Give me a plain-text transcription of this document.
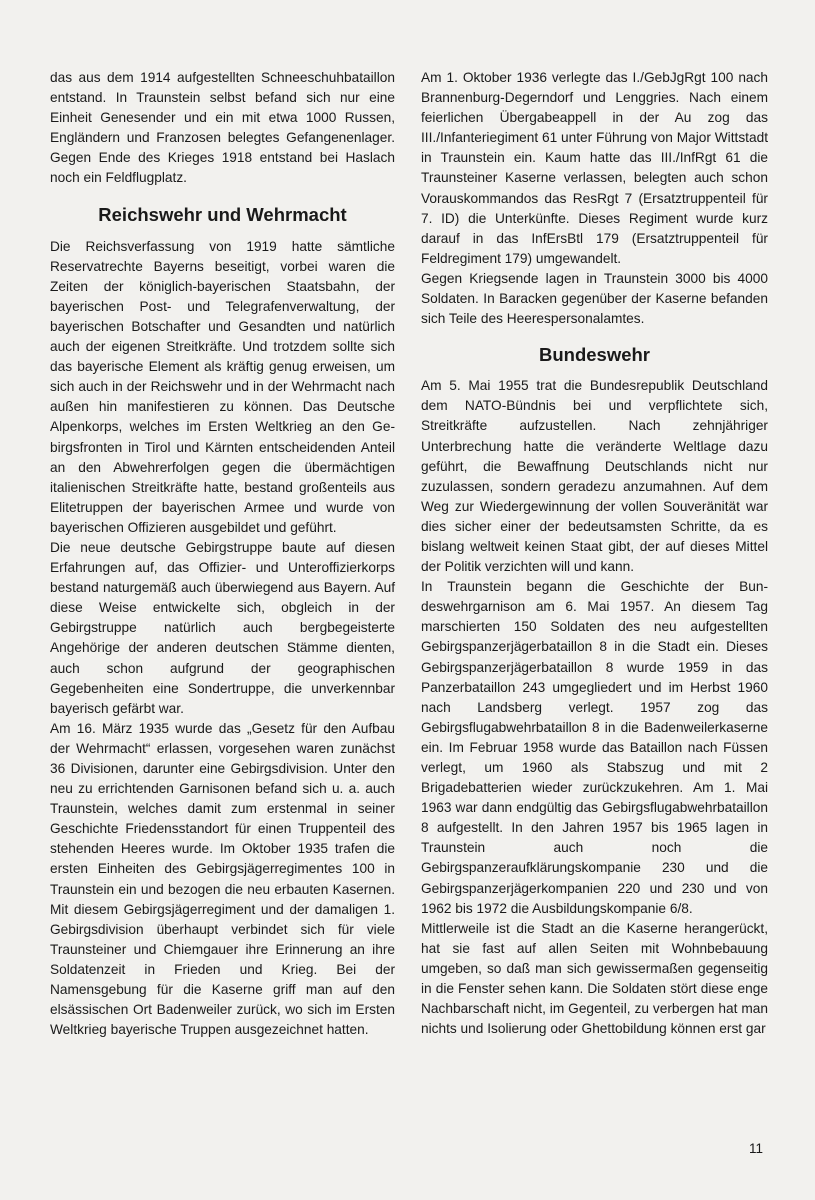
das aus dem 1914 aufgestellten Schneeschuhbataillon entstand. In Traunstein selbst befand sich nur eine Einheit Genesender und ein mit etwa 1000 Russen, Engländern und Franzosen belegtes Gefangenenlager. Gegen Ende des Krieges 1918 entstand bei Haslach noch ein Feldflugplatz.

Reichswehr und Wehrmacht

Die Reichsverfassung von 1919 hatte sämtliche Reservatrechte Bayerns beseitigt, vorbei waren die Zeiten der königlich-bayerischen Staatsbahn, der bayerischen Post- und Telegrafenverwaltung, der bayerischen Botschafter und Gesandten und natürlich auch der eigenen Streitkräfte. Und trotzdem sollte sich das bayerische Element als kräftig genug erweisen, um sich auch in der Reichswehr und in der Wehrmacht nach außen hin manifestieren zu können. Das Deutsche Alpenkorps, welches im Ersten Weltkrieg an den Gebirgsfronten in Tirol und Kärnten entscheidenden Anteil an den Abwehrerfolgen gegen die übermächtigen italienischen Streitkräfte hatte, bestand großenteils aus Elitetruppen der bayerischen Armee und wurde von bayerischen Offizieren ausgebildet und geführt.

Die neue deutsche Gebirgstruppe baute auf diesen Erfahrungen auf, das Offizier- und Unteroffizierkorps bestand naturgemäß auch überwiegend aus Bayern. Auf diese Weise entwickelte sich, obgleich in der Gebirgstruppe natürlich auch bergbegeisterte Angehörige der anderen deutschen Stämme dienten, auch schon aufgrund der geographischen Gegebenheiten eine Sondertruppe, die unverkennbar bayerisch gefärbt war.

Am 16. März 1935 wurde das „Gesetz für den Aufbau der Wehrmacht“ erlassen, vorgesehen waren zunächst 36 Divisionen, darunter eine Gebirgsdivision. Unter den neu zu errichtenden Garnisonen befand sich u. a. auch Traunstein, welches damit zum erstenmal in seiner Geschichte Friedensstandort für einen Truppenteil des stehenden Heeres wurde. Im Oktober 1935 trafen die ersten Einheiten des Gebirgsjägerregimentes 100 in Traunstein ein und bezogen die neu erbauten Kasernen. Mit diesem Gebirgsjägerregiment und der damaligen 1. Gebirgsdivision überhaupt verbindet sich für viele Traunsteiner und Chiemgauer ihre Erinnerung an ihre Soldatenzeit in Frieden und Krieg. Bei der Namensgebung für die Kaserne griff man auf den elsässischen Ort Badenweiler zurück, wo sich im Ersten Weltkrieg bayerische Truppen ausgezeichnet hatten.

Am 1. Oktober 1936 verlegte das I./GebJgRgt 100 nach Brannenburg-Degerndorf und Lenggries. Nach einem feierlichen Übergabeappell in der Au zog das III./Infanteriegiment 61 unter Führung von Major Wittstadt in Traunstein ein. Kaum hatte das III./InfRgt 61 die Traunsteiner Kaserne verlassen, belegten auch schon Vorauskommandos das ResRgt 7 (Ersatztruppenteil für 7. ID) die Unterkünfte. Dieses Regiment wurde kurz darauf in das InfErsBtl 179 (Ersatztruppenteil für Feldregiment 179) umgewandelt.

Gegen Kriegsende lagen in Traunstein 3000 bis 4000 Soldaten. In Baracken gegenüber der Kaserne befanden sich Teile des Heerespersonalamtes.

Bundeswehr

Am 5. Mai 1955 trat die Bundesrepublik Deutschland dem NATO-Bündnis bei und verpflichtete sich, Streitkräfte aufzustellen. Nach zehnjähriger Unterbrechung hatte die veränderte Weltlage dazu geführt, die Bewaffnung Deutschlands nicht nur zuzulassen, sondern geradezu anzumahnen. Auf dem Weg zur Wiedergewinnung der vollen Souveränität war dies sicher einer der bedeutsamsten Schritte, da es bislang weltweit keinen Staat gibt, der auf dieses Mittel der Politik verzichten will und kann.

In Traunstein begann die Geschichte der Bundeswehrgarnison am 6. Mai 1957. An diesem Tag marschierten 150 Soldaten des neu aufgestellten Gebirgspanzerjägerbataillon 8 in die Stadt ein. Dieses Gebirgspanzerjägerbataillon 8 wurde 1959 in das Panzerbataillon 243 umgegliedert und im Herbst 1960 nach Landsberg verlegt. 1957 zog das Gebirgsflugabwehrbataillon 8 in die Badenweilerkaserne ein. Im Februar 1958 wurde das Bataillon nach Füssen verlegt, um 1960 als Stabszug und mit 2 Brigadebatterien wieder zurückzukehren. Am 1. Mai 1963 war dann endgültig das Gebirgsflugabwehrbataillon 8 aufgestellt. In den Jahren 1957 bis 1965 lagen in Traunstein auch noch die Gebirgspanzeraufklärungskompanie 230 und die Gebirgspanzerjägerkompanien 220 und 230 und von 1962 bis 1972 die Ausbildungskompanie 6/8.

Mittlerweile ist die Stadt an die Kaserne herangerückt, hat sie fast auf allen Seiten mit Wohnbebauung umgeben, so daß man sich gewissermaßen gegenseitig in die Fenster sehen kann. Die Soldaten stört diese enge Nachbarschaft nicht, im Gegenteil, zu verbergen hat man nichts und Isolierung oder Ghettobildung können erst gar

11
